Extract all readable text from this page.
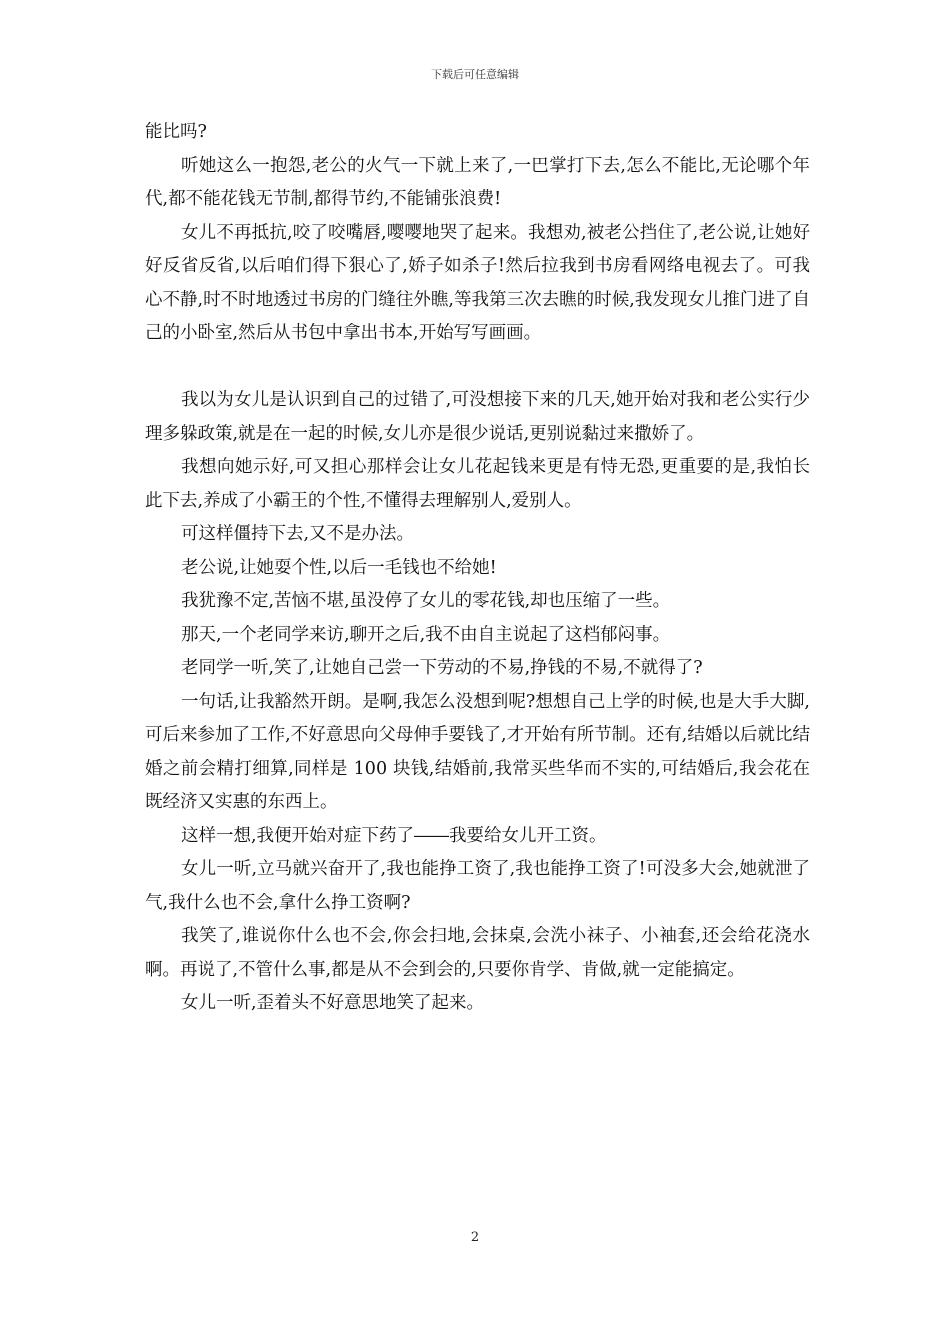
下载后可任意编辑

能比吗?

听她这么一抱怨,老公的火气一下就上来了,一巴掌打下去,怎么不能比,无论哪个年代,都不能花钱无节制,都得节约,不能铺张浪费!

女儿不再抵抗,咬了咬嘴唇,嘤嘤地哭了起来。我想劝,被老公挡住了,老公说,让她好好反省反省,以后咱们得下狠心了,娇子如杀子!然后拉我到书房看网络电视去了。可我心不静,时不时地透过书房的门缝往外瞧,等我第三次去瞧的时候,我发现女儿推门进了自己的小卧室,然后从书包中拿出书本,开始写写画画。

我以为女儿是认识到自己的过错了,可没想接下来的几天,她开始对我和老公实行少理多躲政策,就是在一起的时候,女儿亦是很少说话,更别说黏过来撒娇了。

我想向她示好,可又担心那样会让女儿花起钱来更是有恃无恐,更重要的是,我怕长此下去,养成了小霸王的个性,不懂得去理解别人,爱别人。

可这样僵持下去,又不是办法。

老公说,让她耍个性,以后一毛钱也不给她!

我犹豫不定,苦恼不堪,虽没停了女儿的零花钱,却也压缩了一些。

那天,一个老同学来访,聊开之后,我不由自主说起了这档郁闷事。

老同学一听,笑了,让她自己尝一下劳动的不易,挣钱的不易,不就得了?

一句话,让我豁然开朗。是啊,我怎么没想到呢?想想自己上学的时候,也是大手大脚,可后来参加了工作,不好意思向父母伸手要钱了,才开始有所节制。还有,结婚以后就比结婚之前会精打细算,同样是 100 块钱,结婚前,我常买些华而不实的,可结婚后,我会花在既经济又实惠的东西上。

这样一想,我便开始对症下药了――我要给女儿开工资。

女儿一听,立马就兴奋开了,我也能挣工资了,我也能挣工资了!可没多大会,她就泄了气,我什么也不会,拿什么挣工资啊?

我笑了,谁说你什么也不会,你会扫地,会抹桌,会洗小袜子、小袖套,还会给花浇水啊。再说了,不管什么事,都是从不会到会的,只要你肯学、肯做,就一定能搞定。

女儿一听,歪着头不好意思地笑了起来。

2
